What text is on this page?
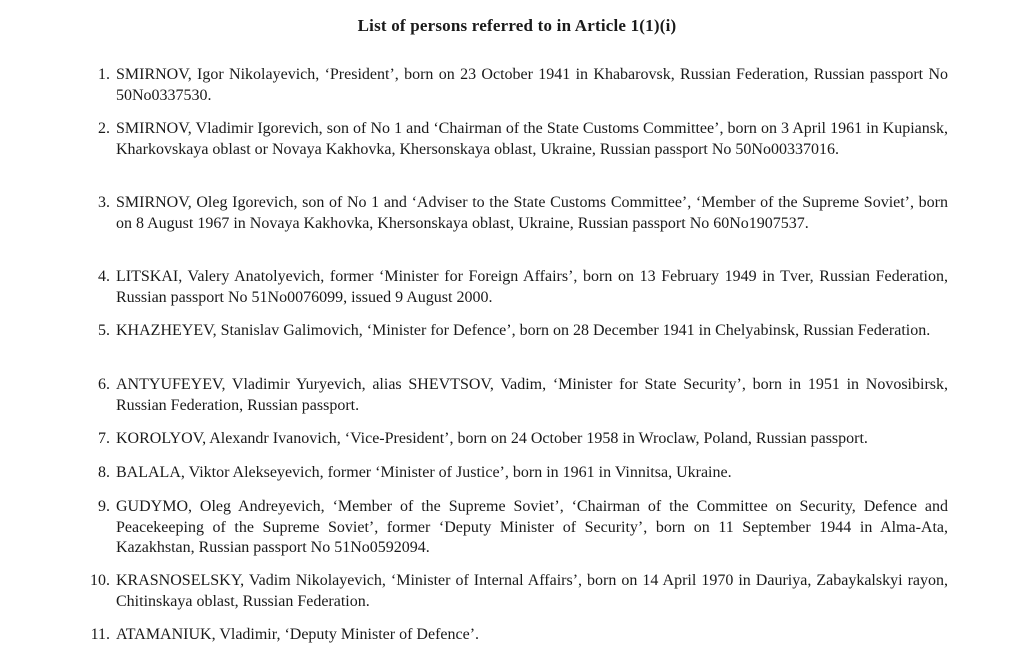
List of persons referred to in Article 1(1)(i)
1. SMIRNOV, Igor Nikolayevich, ‘President’, born on 23 October 1941 in Khabarovsk, Russian Federation, Russian passport No 50No0337530.
2. SMIRNOV, Vladimir Igorevich, son of No 1 and ‘Chairman of the State Customs Committee’, born on 3 April 1961 in Kupiansk, Kharkovskaya oblast or Novaya Kakhovka, Khersonskaya oblast, Ukraine, Russian passport No 50No00337016.
3. SMIRNOV, Oleg Igorevich, son of No 1 and ‘Adviser to the State Customs Committee’, ‘Member of the Supreme Soviet’, born on 8 August 1967 in Novaya Kakhovka, Khersonskaya oblast, Ukraine, Russian passport No 60No1907537.
4. LITSKAI, Valery Anatolyevich, former ‘Minister for Foreign Affairs’, born on 13 February 1949 in Tver, Russian Federation, Russian passport No 51No0076099, issued 9 August 2000.
5. KHAZHEYEV, Stanislav Galimovich, ‘Minister for Defence’, born on 28 December 1941 in Chelyabinsk, Russian Federation.
6. ANTYUFEYEV, Vladimir Yuryevich, alias SHEVTSOV, Vadim, ‘Minister for State Security’, born in 1951 in Novosibirsk, Russian Federation, Russian passport.
7. KOROLYOV, Alexandr Ivanovich, ‘Vice-President’, born on 24 October 1958 in Wroclaw, Poland, Russian passport.
8. BALALA, Viktor Alekseyevich, former ‘Minister of Justice’, born in 1961 in Vinnitsa, Ukraine.
9. GUDYMO, Oleg Andreyevich, ‘Member of the Supreme Soviet’, ‘Chairman of the Committee on Security, Defence and Peacekeeping of the Supreme Soviet’, former ‘Deputy Minister of Security’, born on 11 September 1944 in Alma-Ata, Kazakhstan, Russian passport No 51No0592094.
10. KRASNOSELSKY, Vadim Nikolayevich, ‘Minister of Internal Affairs’, born on 14 April 1970 in Dauriya, Zabaykalskyi rayon, Chitinskaya oblast, Russian Federation.
11. ATAMANIUK, Vladimir, ‘Deputy Minister of Defence’.
